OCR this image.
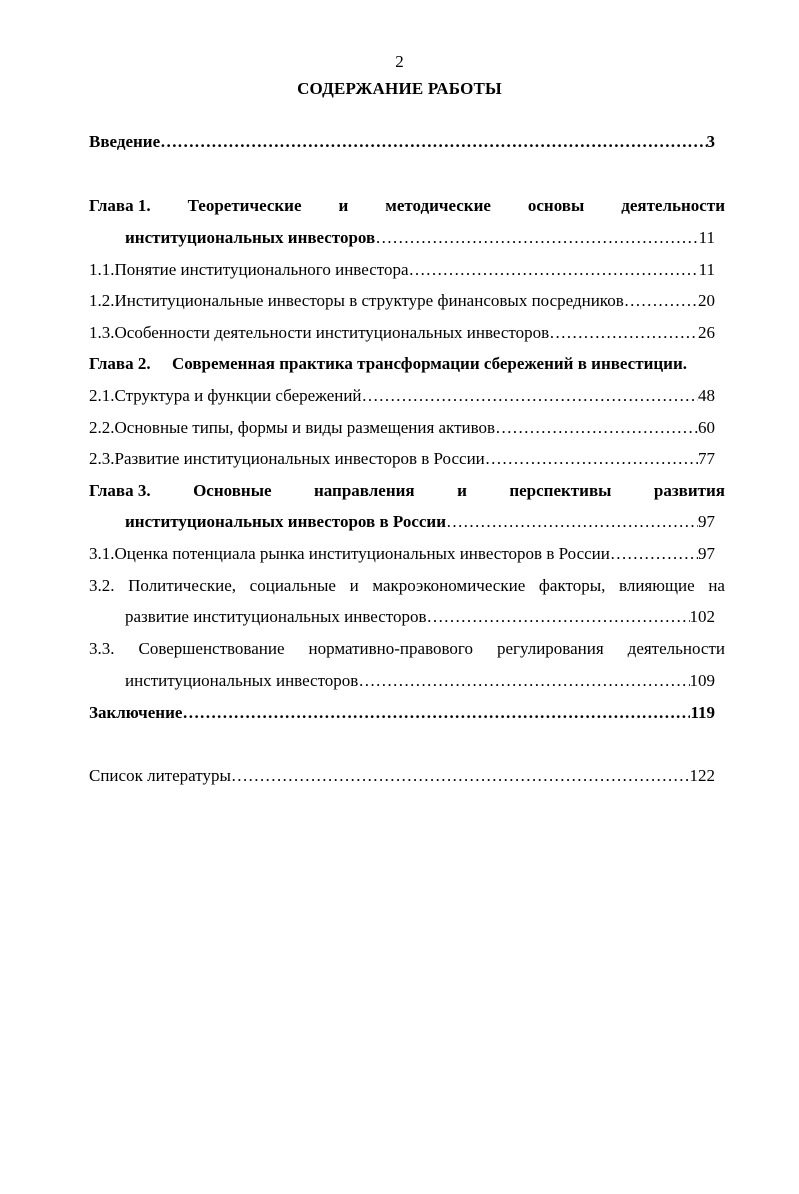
2
СОДЕРЖАНИЕ РАБОТЫ
Введение ………………………………………………………………………………………………………………………………………………………………………………………………………………	3
Глава 1. Теоретические и методические основы деятельности
институциональных инвесторов ………………………………………………………………………………………………………………………………………………………………………………………………………………	11
1.1. Понятие институционального инвестора ………………………………………………………………………………………………………………………………………………………………………………………………………………	11
1.2. Институциональные инвесторы в структуре финансовых посредников ………………………………………………………………………………………………………………………………………………………………………………………………………………	20
1.3. Особенности деятельности институциональных инвесторов ………………………………………………………………………………………………………………………………………………………………………………………………………………	26
Глава 2. Современная практика трансформации сбережений в инвестиции.
2.1. Структура и функции сбережений ………………………………………………………………………………………………………………………………………………………………………………………………………………	48
2.2. Основные типы, формы и виды размещения активов ………………………………………………………………………………………………………………………………………………………………………………………………………………	60
2.3. Развитие институциональных инвесторов в России ………………………………………………………………………………………………………………………………………………………………………………………………………………	77
Глава 3. Основные направления и перспективы развития
институциональных инвесторов в России ………………………………………………………………………………………………………………………………………………………………………………………………………………	97
3.1. Оценка потенциала рынка институциональных инвесторов в России ………………………………………………………………………………………………………………………………………………………………………………………………………………	97
3.2. Политические, социальные и макроэкономические факторы, влияющие на
развитие институциональных инвесторов ………………………………………………………………………………………………………………………………………………………………………………………………………………	102
3.3. Совершенствование нормативно-правового регулирования деятельности
институциональных инвесторов ………………………………………………………………………………………………………………………………………………………………………………………………………………	109
Заключение ………………………………………………………………………………………………………………………………………………………………………………………………………………	119
Список литературы ………………………………………………………………………………………………………………………………………………………………………………………………………………	122
